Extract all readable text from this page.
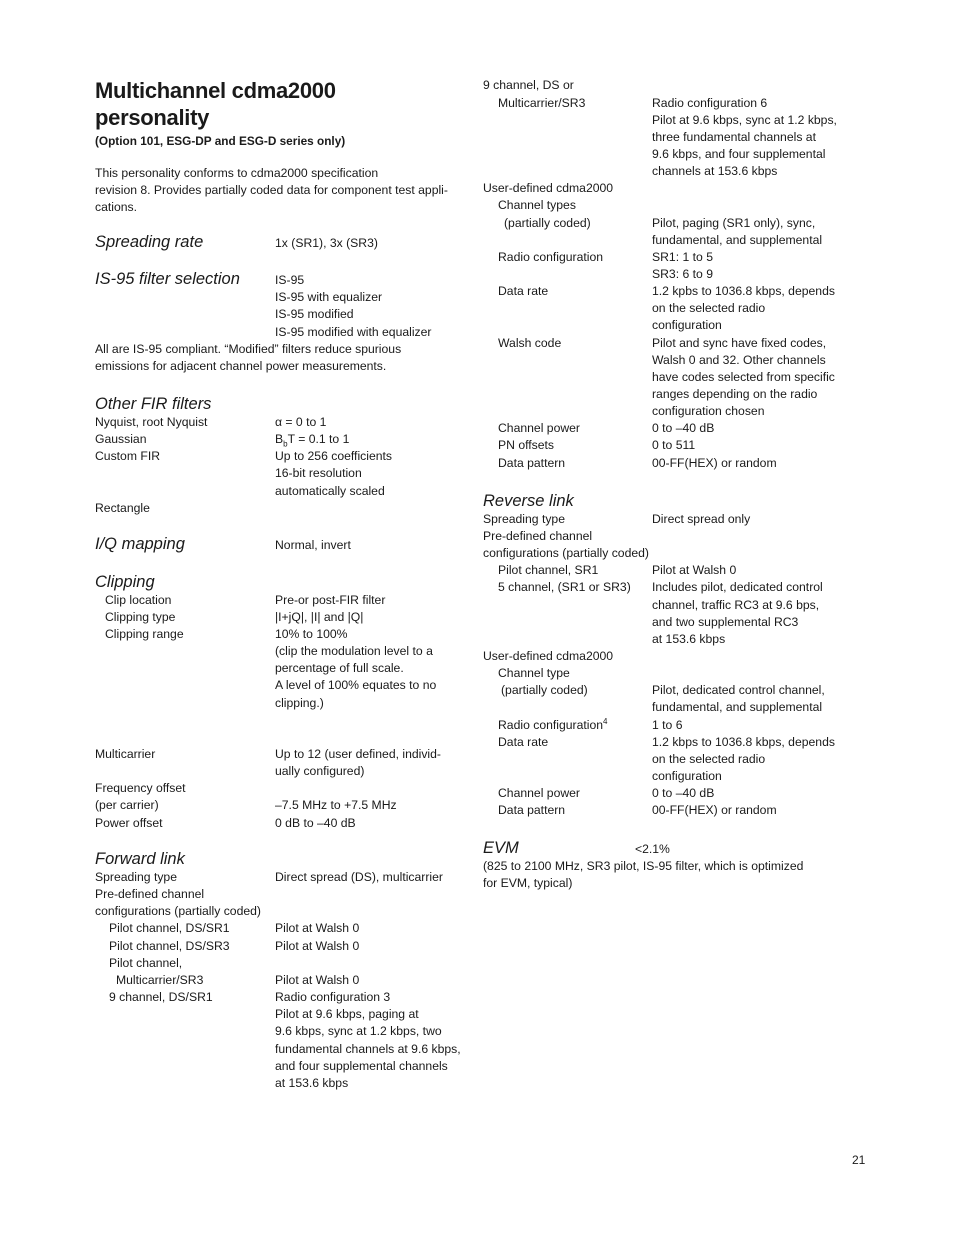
Multichannel cdma2000
personality
(Option 101, ESG-DP and ESG-D series only)
This personality conforms to cdma2000 specification
revision 8. Provides partially coded data for component test appli-
cations.
Spreading rate	1x (SR1), 3x (SR3)
IS-95 filter selection	IS-95
IS-95 with equalizer
IS-95 modified
IS-95 modified with equalizer
All are IS-95 compliant. “Modified” filters reduce spurious
emissions for adjacent channel power measurements.
Other FIR filters
Nyquist, root Nyquist	α = 0 to 1
Gaussian	$B_bT = 0.1$ to 1
Custom FIR	Up to 256 coefficients
16-bit resolution
automatically scaled
Rectangle
I/Q mapping	Normal, invert
Clipping
Clip location	Pre-or post-FIR filter
Clipping type	|I+jQ|, |I| and |Q|
Clipping range	10% to 100%
(clip the modulation level to a
percentage of full scale.
A level of 100% equates to no
clipping.)
Multicarrier	Up to 12 (user defined, individ-
ually configured)
Frequency offset
(per carrier)	–7.5 MHz to +7.5 MHz
Power offset	0 dB to –40 dB
Forward link
Spreading type	Direct spread (DS), multicarrier
Pre-defined channel
configurations (partially coded)
Pilot channel, DS/SR1	Pilot at Walsh 0
Pilot channel, DS/SR3	Pilot at Walsh 0
Pilot channel,
Multicarrier/SR3	Pilot at Walsh 0
9 channel, DS/SR1	Radio configuration 3
Pilot at 9.6 kbps, paging at
9.6 kbps, sync at 1.2 kbps, two
fundamental channels at 9.6 kbps,
and four supplemental channels
at 153.6 kbps
9 channel, DS or
Multicarrier/SR3	Radio configuration 6
Pilot at 9.6 kbps, sync at 1.2 kbps,
three fundamental channels at
9.6 kbps, and four supplemental
channels at 153.6 kbps
User-defined cdma2000
Channel types
(partially coded)	Pilot, paging (SR1 only), sync,
fundamental, and supplemental
Radio configuration	SR1: 1 to 5
SR3: 6 to 9
Data rate	1.2 kpbs to 1036.8 kbps, depends
on the selected radio
configuration
Walsh code	Pilot and sync have fixed codes,
Walsh 0 and 32. Other channels
have codes selected from specific
ranges depending on the radio
configuration chosen
Channel power	0 to –40 dB
PN offsets	0 to 511
Data pattern	00-FF(HEX) or random
Reverse link
Spreading type	Direct spread only
Pre-defined channel
configurations (partially coded)
Pilot channel, SR1	Pilot at Walsh 0
5 channel, (SR1 or SR3) Includes pilot, dedicated control
channel, traffic RC3 at 9.6 bps,
and two supplemental RC3
at 153.6 kbps
User-defined cdma2000
Channel type
(partially coded)	Pilot, dedicated control channel,
fundamental, and supplemental
Radio configuration$^4$	1 to 6
Data rate	1.2 kbps to 1036.8 kbps, depends
on the selected radio
configuration
Channel power	0 to –40 dB
Data pattern	00-FF(HEX) or random
EVM	<2.1%
(825 to 2100 MHz, SR3 pilot, IS-95 filter, which is optimized
for EVM, typical)
21
